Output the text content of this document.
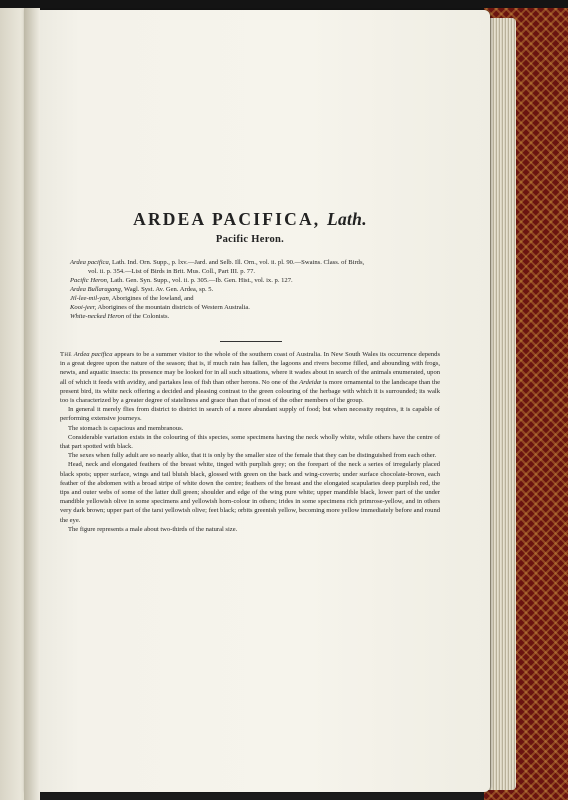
ARDEA PACIFICA, Lath.
Pacific Heron.
Ardea pacifica, Lath. Ind. Orn. Supp., p. lxv.—Jard. and Selb. Ill. Orn., vol. ii. pl. 90.—Swains. Class. of Birds,
vol. ii. p. 354.—List of Birds in Brit. Mus. Coll., Part III. p. 77.
Pacific Heron, Lath. Gen. Syn. Supp., vol. ii. p. 305.—Ib. Gen. Hist., vol. ix. p. 127.
Ardea Bullaragang, Wagl. Syst. Av. Gen. Ardea, sp. 5.
Jil-lee-mil-yan, Aborigines of the lowland, and
Kooi-jeer, Aborigines of the mountain districts of Western Australia.
White-necked Heron of the Colonists.

The Ardea pacifica appears to be a summer visitor to the whole of the southern coast of Australia. In New South Wales its occurrence depends in a great degree upon the nature of the season; that is, if much rain has fallen, the lagoons and rivers become filled, and abounding with frogs, newts, and aquatic insects: its presence may be looked for in all such situations, where it wades about in search of the animals enumerated, upon all of which it feeds with avidity, and partakes less of fish than other herons. No one of the Ardeidæ is more ornamental to the landscape than the present bird, its white neck offering a decided and pleasing contrast to the green colouring of the herbage with which it is surrounded; its walk too is characterized by a greater degree of stateliness and grace than that of most of the other members of the group.

In general it merely flies from district to district in search of a more abundant supply of food; but when necessity requires, it is capable of performing extensive journeys.

The stomach is capacious and membranous.

Considerable variation exists in the colouring of this species, some specimens having the neck wholly white, while others have the centre of that part spotted with black.

The sexes when fully adult are so nearly alike, that it is only by the smaller size of the female that they can be distinguished from each other.

Head, neck and elongated feathers of the breast white, tinged with purplish grey; on the forepart of the neck a series of irregularly placed black spots; upper surface, wings and tail bluish black, glossed with green on the back and wing-coverts; under surface chocolate-brown, each feather of the abdomen with a broad stripe of white down the centre; feathers of the breast and the elongated scapularies deep purplish red, the tips and outer webs of some of the latter dull green; shoulder and edge of the wing pure white; upper mandible black, lower part of the under mandible yellowish olive in some specimens and yellowish horn-colour in others; irides in some specimens rich primrose-yellow, and in others very dark brown; upper part of the tarsi yellowish olive; feet black; orbits greenish yellow, becoming more yellow immediately before and round the eye.

The figure represents a male about two-thirds of the natural size.
